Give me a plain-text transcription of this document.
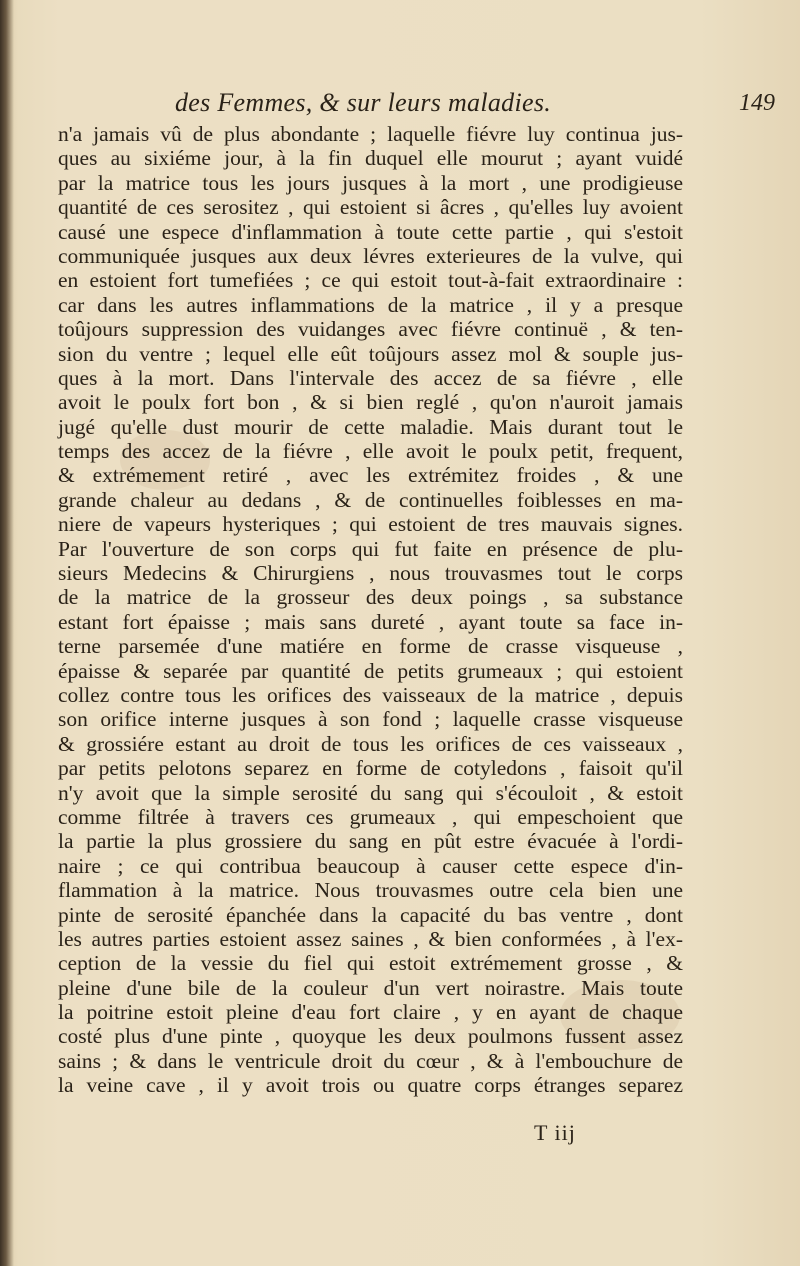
des Femmes, & sur leurs maladies.	149
n'a jamais vû de plus abondante ; laquelle fiévre luy continua jus-
ques au sixiéme jour, à la fin duquel elle mourut ; ayant vuidé
par la matrice tous les jours jusques à la mort , une prodigieuse
quantité de ces serositez , qui estoient si âcres , qu'elles luy avoient
causé une espece d'inflammation à toute cette partie , qui s'estoit
communiquée jusques aux deux lévres exterieures de la vulve, qui
en estoient fort tumefiées ; ce qui estoit tout-à-fait extraordinaire :
car dans les autres inflammations de la matrice , il y a presque
toûjours suppression des vuidanges avec fiévre continuë , & ten-
sion du ventre ; lequel elle eût toûjours assez mol & souple jus-
ques à la mort. Dans l'intervale des accez de sa fiévre , elle
avoit le poulx fort bon , & si bien reglé , qu'on n'auroit jamais
jugé qu'elle dust mourir de cette maladie. Mais durant tout le
temps des accez de la fiévre , elle avoit le poulx petit, frequent,
& extrémement retiré , avec les extrémitez froides , & une
grande chaleur au dedans , & de continuelles foiblesses en ma-
niere de vapeurs hysteriques ; qui estoient de tres mauvais signes.
Par l'ouverture de son corps qui fut faite en présence de plu-
sieurs Medecins & Chirurgiens , nous trouvasmes tout le corps
de la matrice de la grosseur des deux poings , sa substance
estant fort épaisse ; mais sans dureté , ayant toute sa face in-
terne parsemée d'une matiére en forme de crasse visqueuse ,
épaisse & separée par quantité de petits grumeaux ; qui estoient
collez contre tous les orifices des vaisseaux de la matrice , depuis
son orifice interne jusques à son fond ; laquelle crasse visqueuse
& grossiére estant au droit de tous les orifices de ces vaisseaux ,
par petits pelotons separez en forme de cotyledons , faisoit qu'il
n'y avoit que la simple serosité du sang qui s'écouloit , & estoit
comme filtrée à travers ces grumeaux , qui empeschoient que
la partie la plus grossiere du sang en pût estre évacuée à l'ordi-
naire ; ce qui contribua beaucoup à causer cette espece d'in-
flammation à la matrice. Nous trouvasmes outre cela bien une
pinte de serosité épanchée dans la capacité du bas ventre , dont
les autres parties estoient assez saines , & bien conformées , à l'ex-
ception de la vessie du fiel qui estoit extrémement grosse , &
pleine d'une bile de la couleur d'un vert noirastre. Mais toute
la poitrine estoit pleine d'eau fort claire , y en ayant de chaque
costé plus d'une pinte , quoyque les deux poulmons fussent assez
sains ; & dans le ventricule droit du cœur , & à l'embouchure de
la veine cave , il y avoit trois ou quatre corps étranges separez
T iij
